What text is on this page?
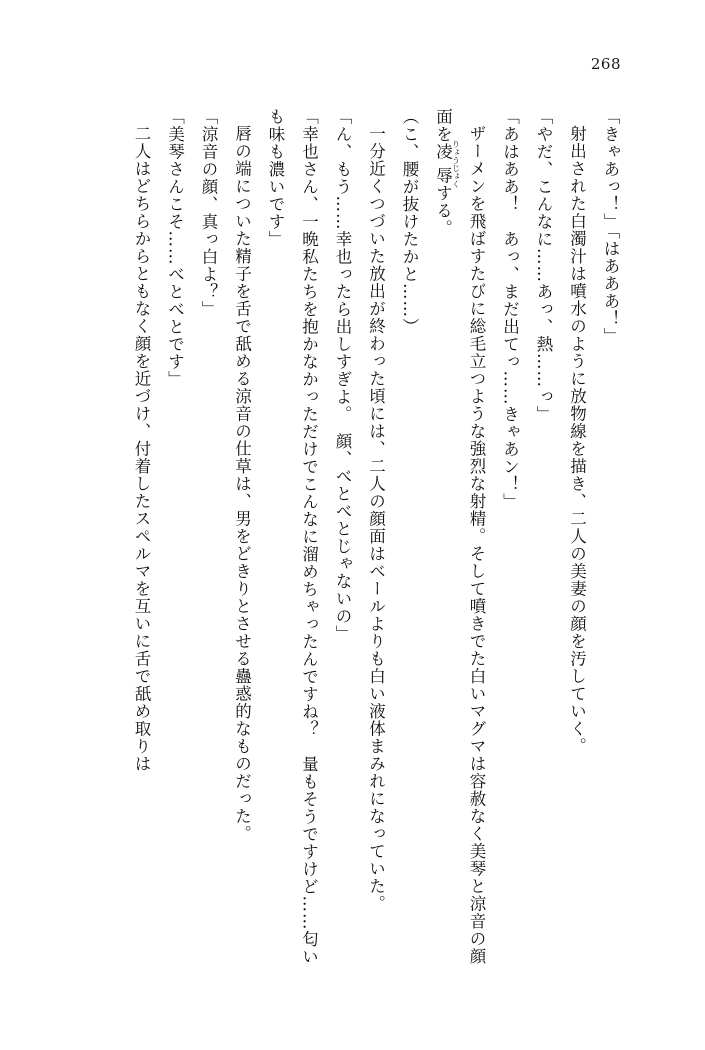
268

「きゃあっ！」「はあああ！」

射出された白濁汁は噴水のように放物線を描き、二人の美妻の顔を汚していく。

「やだ、こんなに……あっ、熱……っ」

「あはああ！　あっ、まだ出てっ……きゃあン！」

ザーメンを飛ばすたびに総毛立つような強烈な射精。そして噴きでた白いマグマは容赦なく美琴と涼音の顔面を凌辱 りょうじょくする。

（こ、腰が抜けたかと……）

一分近くつづいた放出が終わった頃には、二人の顔面はベールよりも白い液体まみれになっていた。

「ん、もう……幸也ったら出しすぎよ。　顔、べとべとじゃないの」

「幸也さん、一晩私たちを抱かなかっただけでこんなに溜めちゃったんですね？　量もそうですけど……匂いも味も濃いです」

唇の端についた精子を舌で舐める涼音の仕草は、男をどきりとさせる蠱惑的なものだった。

「涼音の顔、真っ白よ？」

「美琴さんこそ……べとべとです」

二人はどちらからともなく顔を近づけ、付着したスペルマを互いに舌で舐め取りは
